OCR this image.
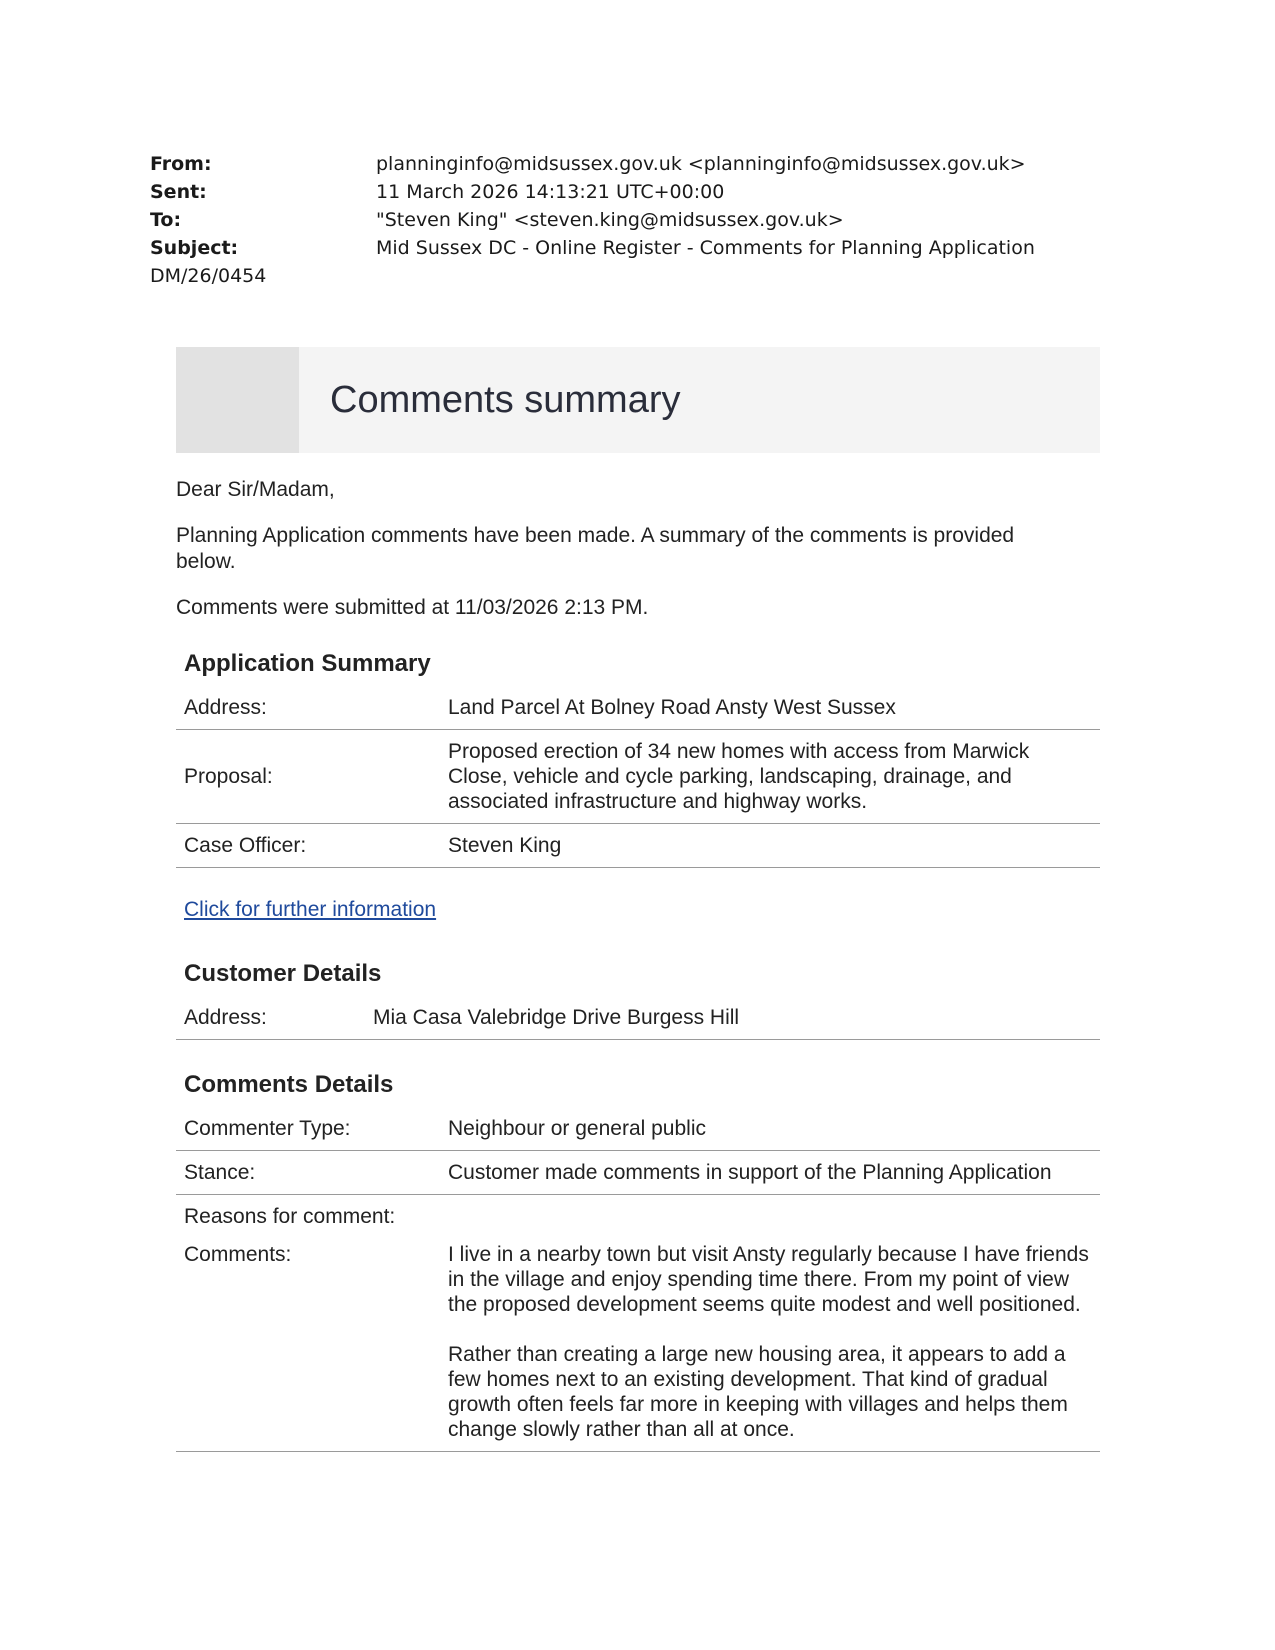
From:	planninginfo@midsussex.gov.uk <planninginfo@midsussex.gov.uk>
Sent:	11 March 2026 14:13:21 UTC+00:00
To:	"Steven King" <steven.king@midsussex.gov.uk>
Subject:	Mid Sussex DC - Online Register - Comments for Planning Application
DM/26/0454
Comments summary

Dear Sir/Madam,

Planning Application comments have been made. A summary of the comments is provided below.

Comments were submitted at 11/03/2026 2:13 PM.

Application Summary
Address:	Land Parcel At Bolney Road Ansty West Sussex
Proposal:	Proposed erection of 34 new homes with access from Marwick Close, vehicle and cycle parking, landscaping, drainage, and associated infrastructure and highway works.
Case Officer:	Steven King
Click for further information
Customer Details
Address:	Mia Casa Valebridge Drive Burgess Hill
Comments Details
Commenter Type:	Neighbour or general public
Stance:	Customer made comments in support of the Planning Application
Reasons for comment:	
Comments:	I live in a nearby town but visit Ansty regularly because I have friends in the village and enjoy spending time there. From my point of view the proposed development seems quite modest and well positioned.

Rather than creating a large new housing area, it appears to add a few homes next to an existing development. That kind of gradual growth often feels far more in keeping with villages and helps them change slowly rather than all at once.
